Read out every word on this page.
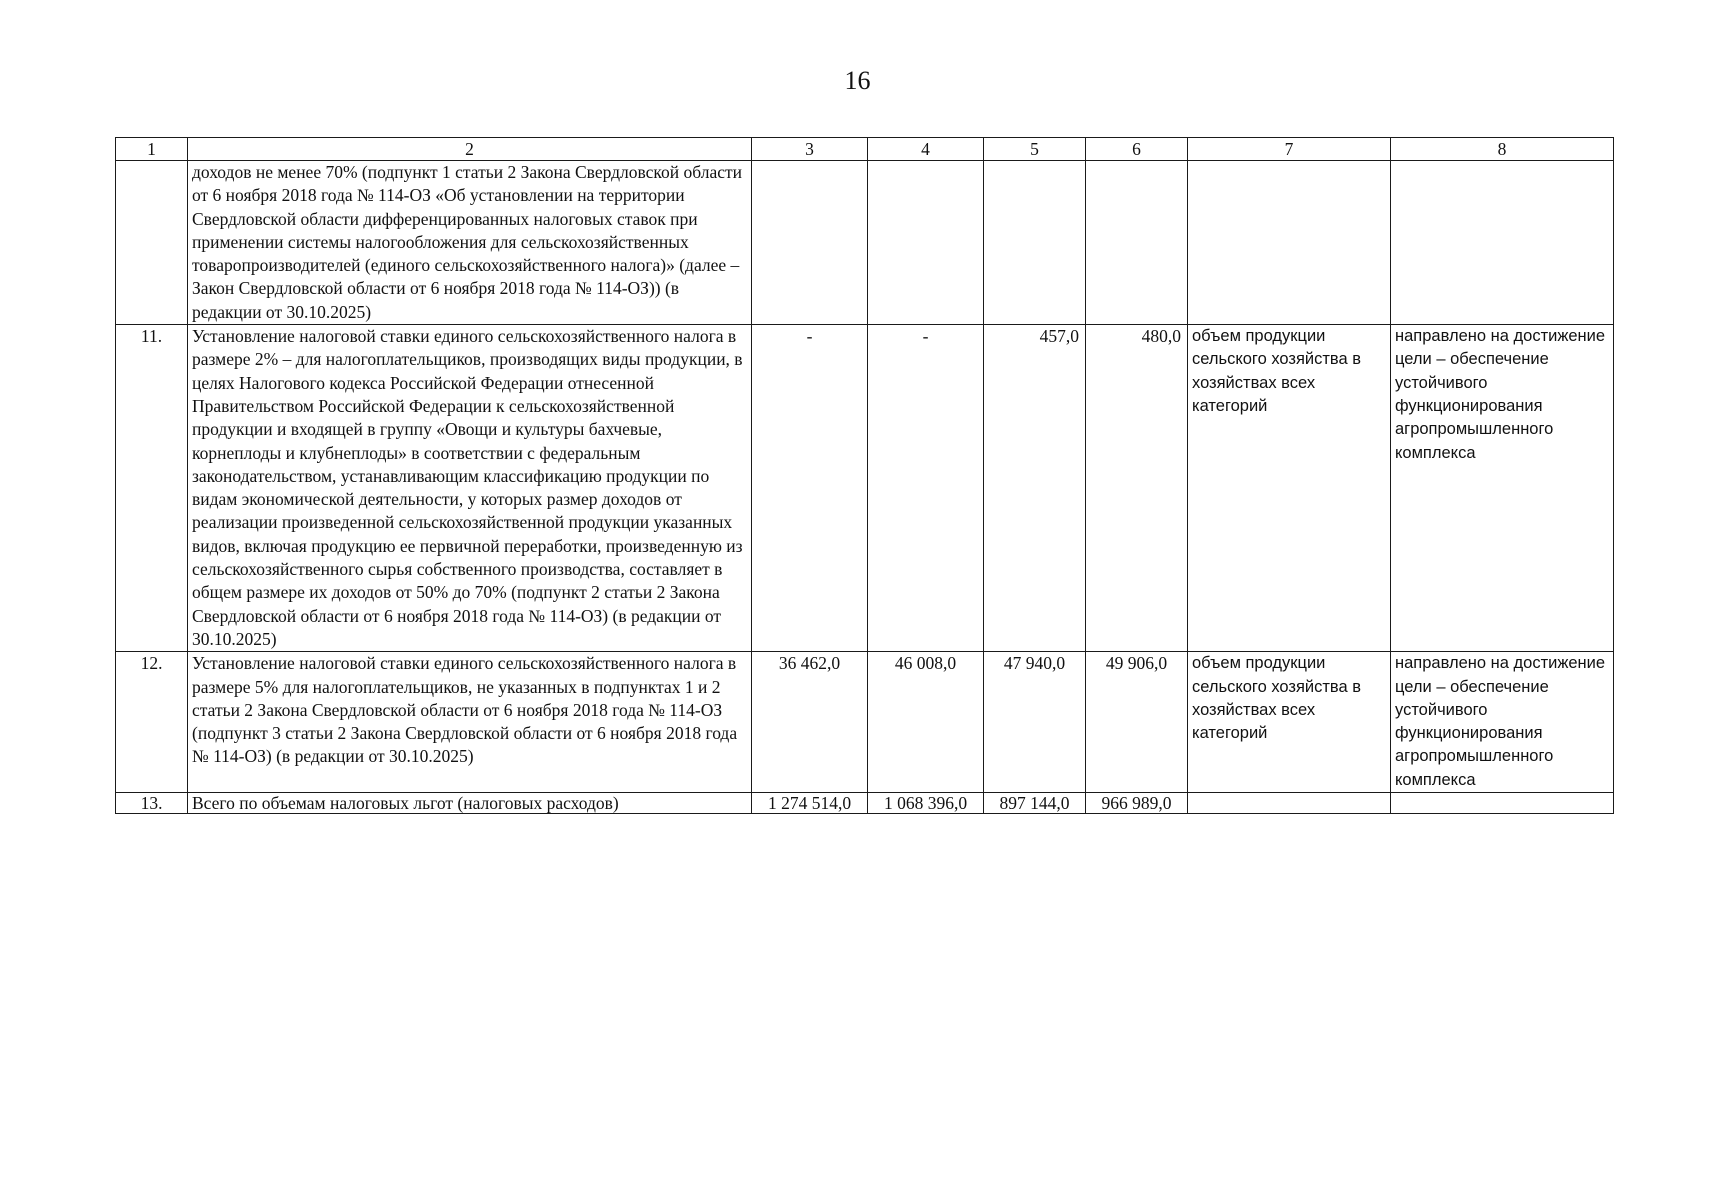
16
1	2	3	4	5	6	7	8
	доходов не менее 70% (подпункт 1 статьи 2 Закона Свердловской области от 6 ноября 2018 года № 114-ОЗ «Об установлении на территории Свердловской области дифференцированных налоговых ставок при применении системы налогообложения для сельскохозяйственных товаропроизводителей (единого сельскохозяйственного налога)» (далее – Закон Свердловской области от 6 ноября 2018 года № 114-ОЗ)) (в редакции от 30.10.2025)						
11.	Установление налоговой ставки единого сельскохозяйственного налога в размере 2% – для налогоплательщиков, производящих виды продукции, в целях Налогового кодекса Российской Федерации отнесенной Правительством Российской Федерации к сельскохозяйственной продукции и входящей в группу «Овощи и культуры бахчевые, корнеплоды и клубнеплоды» в соответствии с федеральным законодательством, устанавливающим классификацию продукции по видам экономической деятельности, у которых размер доходов от реализации произведенной сельскохозяйственной продукции указанных видов, включая продукцию ее первичной переработки, произведенную из сельскохозяйственного сырья собственного производства, составляет в общем размере их доходов от 50% до 70% (подпункт 2 статьи 2 Закона Свердловской области от 6 ноября 2018 года № 114-ОЗ) (в редакции от 30.10.2025)	-	-	457,0	480,0	объем продукции сельского хозяйства в хозяйствах всех категорий	направлено на достижение цели – обеспечение устойчивого функционирования агропромышленного комплекса
12.	Установление налоговой ставки единого сельскохозяйственного налога в размере 5% для налогоплательщиков, не указанных в подпунктах 1 и 2 статьи 2 Закона Свердловской области от 6 ноября 2018 года № 114-ОЗ (подпункт 3 статьи 2 Закона Свердловской области от 6 ноября 2018 года № 114-ОЗ) (в редакции от 30.10.2025)	36 462,0	46 008,0	47 940,0	49 906,0	объем продукции сельского хозяйства в хозяйствах всех категорий	направлено на достижение цели – обеспечение устойчивого функционирования агропромышленного комплекса
13.	Всего по объемам налоговых льгот (налоговых расходов)	1 274 514,0	1 068 396,0	897 144,0	966 989,0		
